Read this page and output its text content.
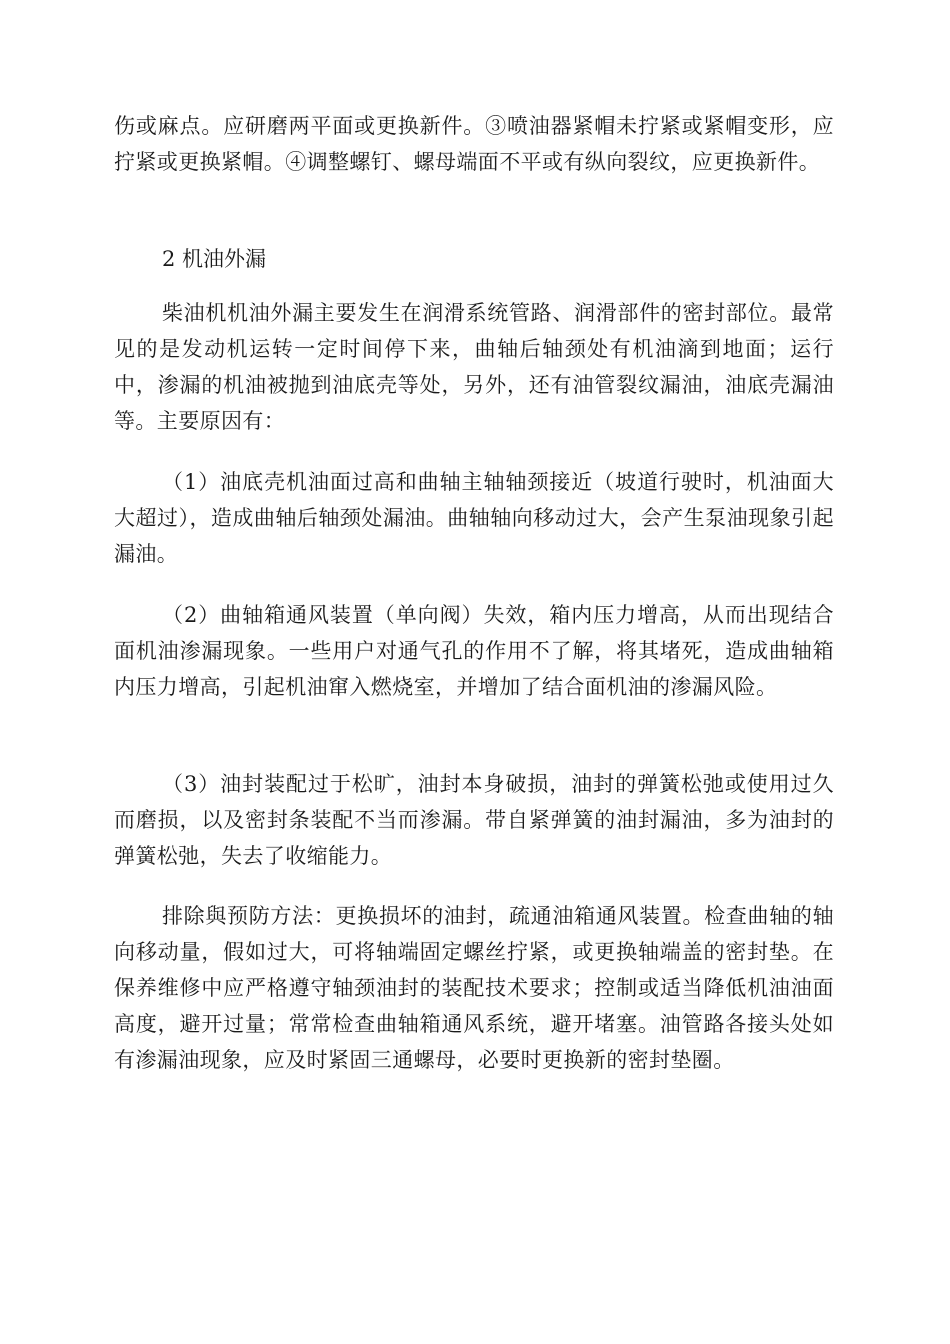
伤或麻点。应研磨两平面或更换新件。③喷油器紧帽未拧紧或紧帽变形，应拧紧或更换紧帽。④调整螺钉、螺母端面不平或有纵向裂纹，应更换新件。

2 机油外漏

柴油机机油外漏主要发生在润滑系统管路、润滑部件的密封部位。最常见的是发动机运转一定时间停下来，曲轴后轴颈处有机油滴到地面；运行中，渗漏的机油被抛到油底壳等处，另外，还有油管裂纹漏油，油底壳漏油等。主要原因有：

（1）油底壳机油面过高和曲轴主轴轴颈接近（坡道行驶时，机油面大大超过），造成曲轴后轴颈处漏油。曲轴轴向移动过大，会产生泵油现象引起漏油。

（2）曲轴箱通风装置（单向阀）失效，箱内压力增高，从而出现结合面机油渗漏现象。一些用户对通气孔的作用不了解，将其堵死，造成曲轴箱内压力增高，引起机油窜入燃烧室，并增加了结合面机油的渗漏风险。

（3）油封装配过于松旷，油封本身破损，油封的弹簧松弛或使用过久而磨损，以及密封条装配不当而渗漏。带自紧弹簧的油封漏油，多为油封的弹簧松弛，失去了收缩能力。

排除與预防方法：更换损坏的油封，疏通油箱通风装置。检查曲轴的轴向移动量，假如过大，可将轴端固定螺丝拧紧，或更换轴端盖的密封垫。在保养维修中应严格遵守轴颈油封的装配技术要求；控制或适当降低机油油面高度，避开过量；常常检查曲轴箱通风系统，避开堵塞。油管路各接头处如有渗漏油现象，应及时紧固三通螺母，必要时更换新的密封垫圈。
